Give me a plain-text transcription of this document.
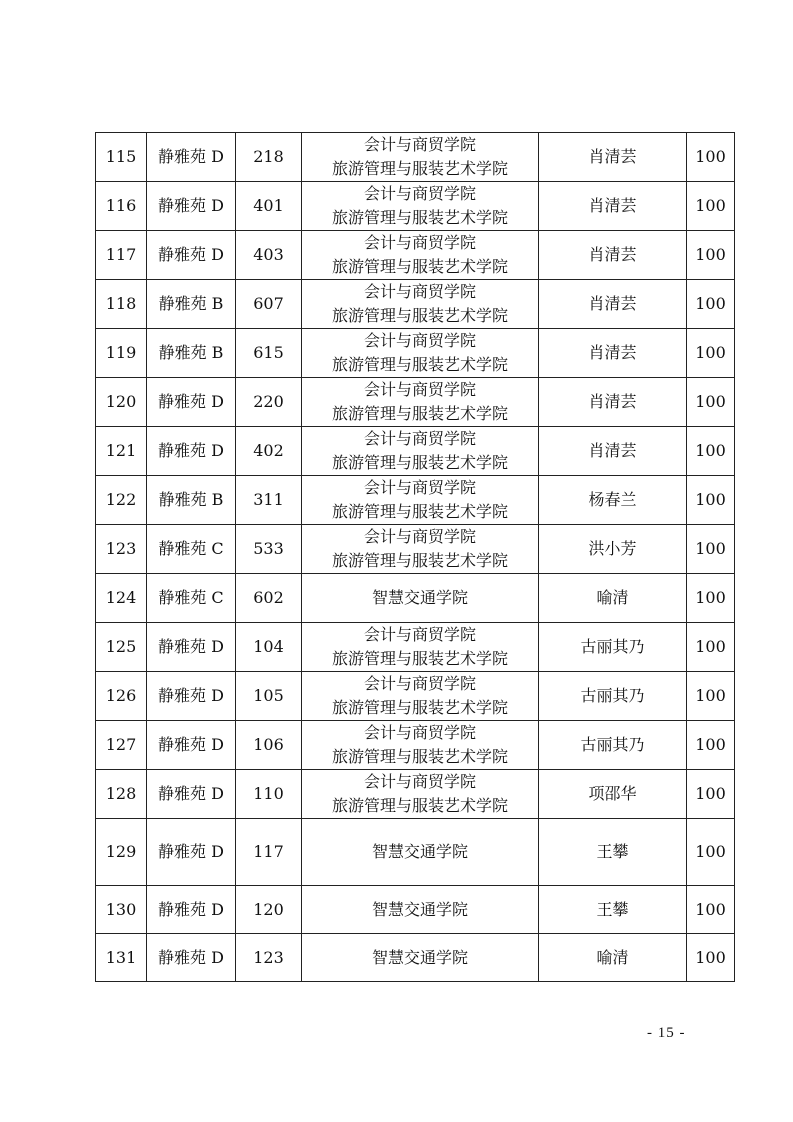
115	静雅苑 D	218	会计与商贸学院
旅游管理与服装艺术学院	肖清芸	100
116	静雅苑 D	401	会计与商贸学院
旅游管理与服装艺术学院	肖清芸	100
117	静雅苑 D	403	会计与商贸学院
旅游管理与服装艺术学院	肖清芸	100
118	静雅苑 B	607	会计与商贸学院
旅游管理与服装艺术学院	肖清芸	100
119	静雅苑 B	615	会计与商贸学院
旅游管理与服装艺术学院	肖清芸	100
120	静雅苑 D	220	会计与商贸学院
旅游管理与服装艺术学院	肖清芸	100
121	静雅苑 D	402	会计与商贸学院
旅游管理与服装艺术学院	肖清芸	100
122	静雅苑 B	311	会计与商贸学院
旅游管理与服装艺术学院	杨春兰	100
123	静雅苑 C	533	会计与商贸学院
旅游管理与服装艺术学院	洪小芳	100
124	静雅苑 C	602	智慧交通学院	喻清	100
125	静雅苑 D	104	会计与商贸学院
旅游管理与服装艺术学院	古丽其乃	100
126	静雅苑 D	105	会计与商贸学院
旅游管理与服装艺术学院	古丽其乃	100
127	静雅苑 D	106	会计与商贸学院
旅游管理与服装艺术学院	古丽其乃	100
128	静雅苑 D	110	会计与商贸学院
旅游管理与服装艺术学院	项邵华	100
129	静雅苑 D	117	智慧交通学院	王攀	100
130	静雅苑 D	120	智慧交通学院	王攀	100
131	静雅苑 D	123	智慧交通学院	喻清	100
- 15 -
